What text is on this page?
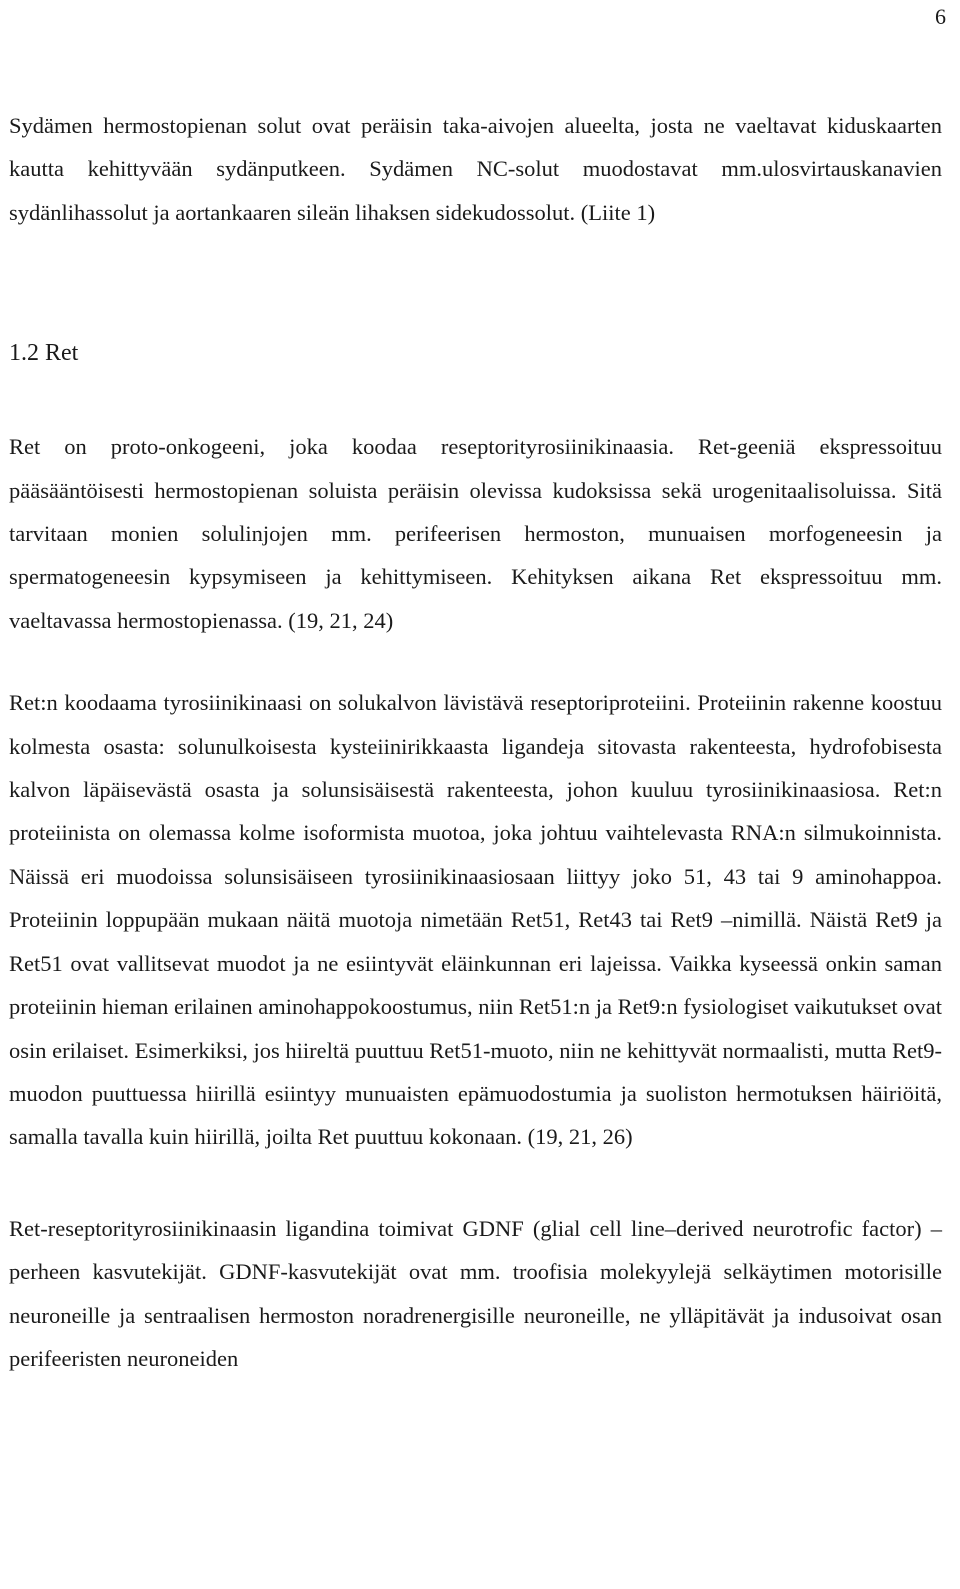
6

Sydämen hermostopienan solut ovat peräisin taka-aivojen alueelta, josta ne vaeltavat kiduskaarten kautta kehittyvään sydänputkeen. Sydämen NC-solut muodostavat mm.ulosvirtauskanavien sydänlihassolut ja aortankaaren sileän lihaksen sidekudossolut. (Liite 1)

1.2 Ret

Ret on proto-onkogeeni, joka koodaa reseptorityrosiinikinaasia. Ret-geeniä ekspressoituu pääsääntöisesti hermostopienan soluista peräisin olevissa kudoksissa sekä urogenitaalisoluissa. Sitä tarvitaan monien solulinjojen mm. perifeerisen hermoston, munuaisen morfogeneesin ja spermatogeneesin kypsymiseen ja kehittymiseen. Kehityksen aikana Ret ekspressoituu mm. vaeltavassa hermostopienassa. (19, 21, 24)

Ret:n koodaama tyrosiinikinaasi on solukalvon lävistävä reseptoriproteiini. Proteiinin rakenne koostuu kolmesta osasta: solunulkoisesta kysteiinirikkaasta ligandeja sitovasta rakenteesta, hydrofobisesta kalvon läpäisevästä osasta ja solunsisäisestä rakenteesta, johon kuuluu tyrosiinikinaasiosa. Ret:n proteiinista on olemassa kolme isoformista muotoa, joka johtuu vaihtelevasta RNA:n silmukoinnista. Näissä eri muodoissa solunsisäiseen tyrosiinikinaasiosaan liittyy joko 51, 43 tai 9 aminohappoa. Proteiinin loppupään mukaan näitä muotoja nimetään Ret51, Ret43 tai Ret9 –nimillä. Näistä Ret9 ja Ret51 ovat vallitsevat muodot ja ne esiintyvät eläinkunnan eri lajeissa. Vaikka kyseessä onkin saman proteiinin hieman erilainen aminohappokoostumus, niin Ret51:n ja Ret9:n fysiologiset vaikutukset ovat osin erilaiset. Esimerkiksi, jos hiireltä puuttuu Ret51-muoto, niin ne kehittyvät normaalisti, mutta Ret9-muodon puuttuessa hiirillä esiintyy munuaisten epämuodostumia ja suoliston hermotuksen häiriöitä, samalla tavalla kuin hiirillä, joilta Ret puuttuu kokonaan. (19, 21, 26)

Ret-reseptorityrosiinikinaasin ligandina toimivat GDNF (glial cell line–derived neurotrofic factor) –perheen kasvutekijät. GDNF-kasvutekijät ovat mm. troofisia molekyylejä selkäytimen motorisille neuroneille ja sentraalisen hermoston noradrenergisille neuroneille, ne ylläpitävät ja indusoivat osan perifeeristen neuroneiden
